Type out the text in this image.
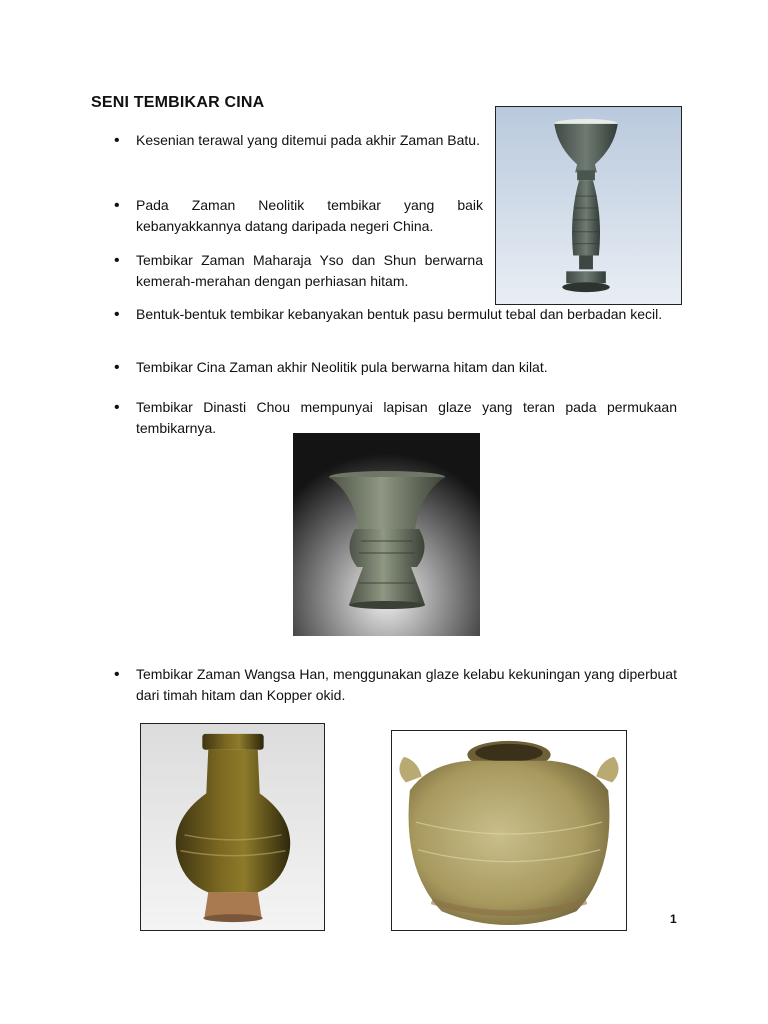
SENI TEMBIKAR CINA
• Kesenian terawal yang ditemui pada akhir Zaman Batu.
• Pada Zaman Neolitik tembikar yang baik kebanyakkannya datang daripada negeri China.
• Tembikar Zaman Maharaja Yso dan Shun berwarna kemerah-merahan dengan perhiasan hitam.
• Bentuk-bentuk tembikar kebanyakan bentuk pasu bermulut tebal dan berbadan kecil.
• Tembikar Cina Zaman akhir Neolitik pula berwarna hitam dan kilat.
• Tembikar Dinasti Chou mempunyai lapisan glaze yang teran pada permukaan tembikarnya.
• Tembikar Zaman Wangsa Han, menggunakan glaze kelabu kekuningan yang diperbuat dari timah hitam dan Kopper okid.
1
